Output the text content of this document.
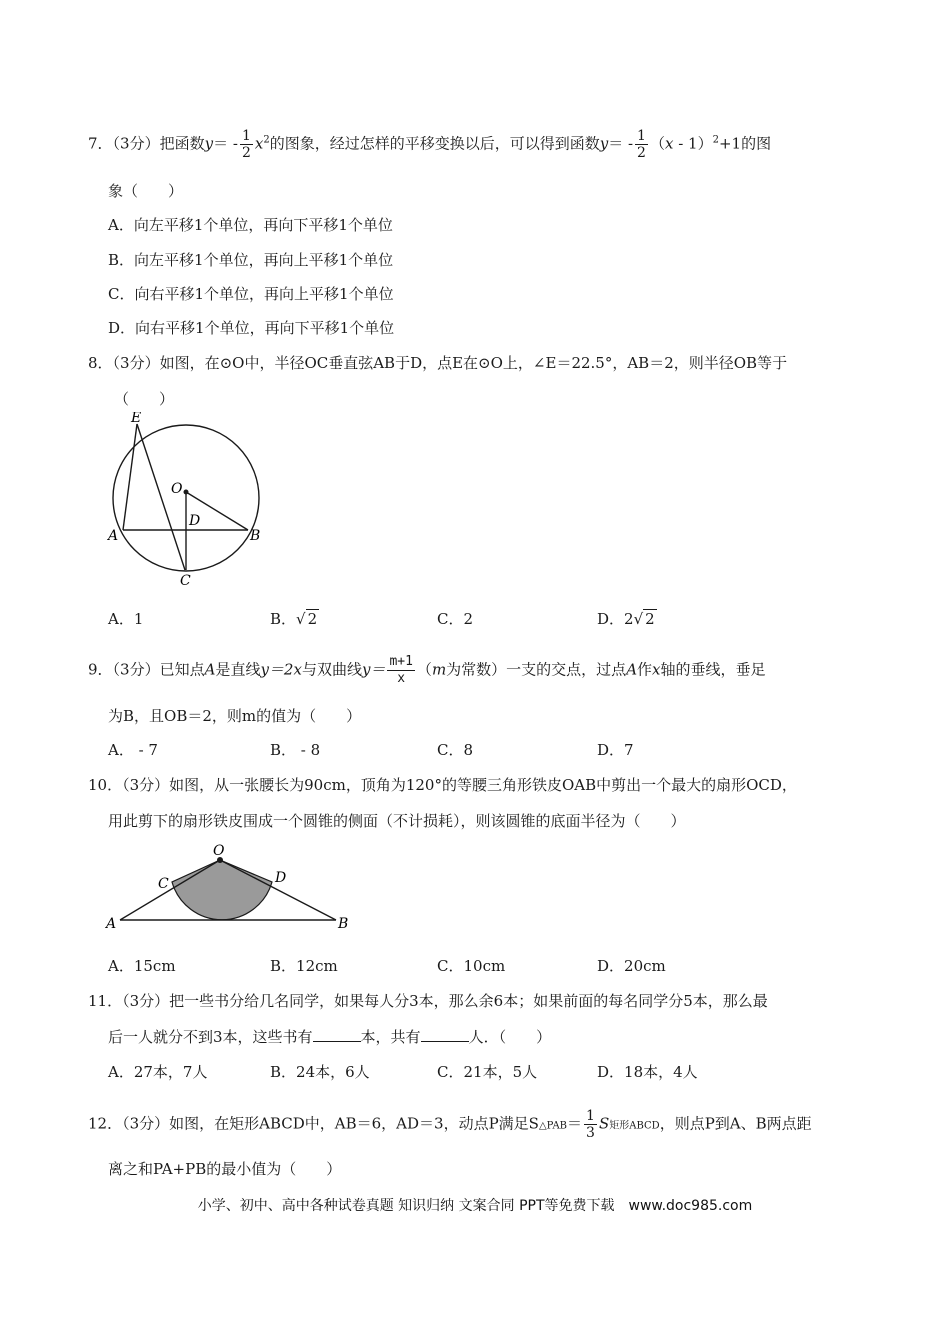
7．（3分）把函数$y= - \frac{1}{2} x^2$的图象，经过怎样的平移变换以后，可以得到函数$y= - \frac{1}{2} (x - 1)^2+1$的图
象（　　）
A．向左平移1个单位，再向下平移1个单位
B．向左平移1个单位，再向上平移1个单位
C．向右平移1个单位，再向上平移1个单位
D．向右平移1个单位，再向下平移1个单位
8．（3分）如图，在⊙O中，半径OC垂直弦AB于D，点E在⊙O上，∠E＝22.5°，AB＝2，则半径OB等于
（　　）
E
O
D
A	B
C
A．1	B．√ 2	C．2	D．2√ 2
9．（3分）已知点A是直线y＝2x与双曲线$y= \frac{m+1}{x} (m$为常数）一支的交点，过点A作x轴的垂线，垂足
为B，且OB＝2，则m的值为（　　）
A． - 7	B． - 8	C．8	D．7
10．（3分）如图，从一张腰长为90cm，顶角为120°的等腰三角形铁皮OAB中剪出一个最大的扇形OCD，
用此剪下的扇形铁皮围成一个圆锥的侧面（不计损耗），则该圆锥的底面半径为（　　）
O
C	D
A	B
A．15cm	B．12cm	C．10cm	D．20cm
11．（3分）把一些书分给几名同学，如果每人分3本，那么余6本；如果前面的每名同学分5本，那么最
后一人就分不到3本，这些书有	本，共有	人．（　　）
A．27本，7人	B．24本，6人	C．21本，5人	D．18本，4人
12．（3分）如图，在矩形ABCD中，AB＝6，AD＝3，动点P满足S△PAB＝ $\frac{1}{3}$ S矩形ABCD，则点P到A、B两点距
离之和PA+PB的最小值为（　　）
小学、初中、高中各种试卷真题 知识归纳 文案合同 PPT等免费下载　www.doc985.com
